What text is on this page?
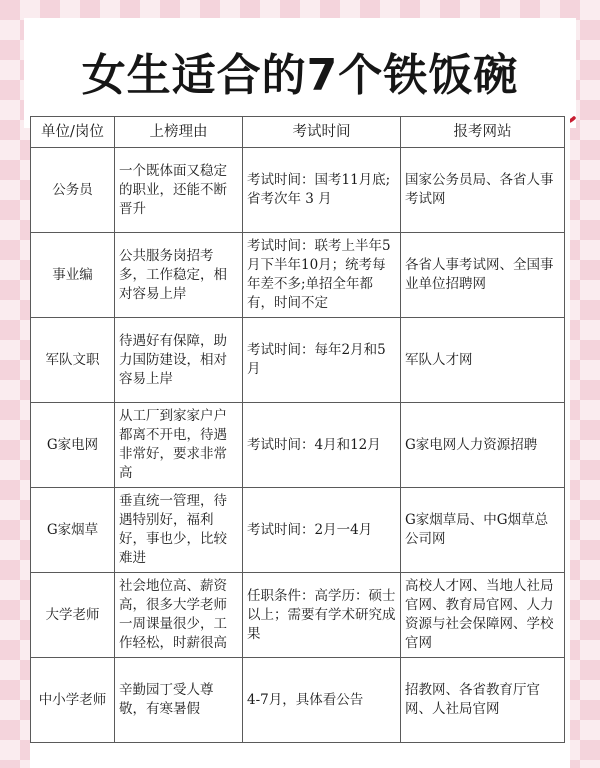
女生适合的7个铁饭碗
单位/岗位	上榜理由	考试时间	报考网站
公务员	一个既体面又稳定的职业，还能不断晋升	考试时间：国考11月底;省考次年 3 月	国家公务员局、各省人事考试网
事业编	公共服务岗招考多，工作稳定，相对容易上岸	考试时间：联考上半年5月下半年10月；统考每年差不多;单招全年都有，时间不定	各省人事考试网、全国事业单位招聘网
军队文职	待遇好有保障，助力国防建设，相对容易上岸	考试时间：每年2月和5月	军队人才网
G家电网	从工厂到家家户户都离不开电，待遇非常好，要求非常高	考试时间：4月和12月	G家电网人力资源招聘
G家烟草	垂直统一管理，待遇特别好，福利好，事也少，比较难进	考试时间：2月一4月	G家烟草局、中G烟草总公司网
大学老师	社会地位高、薪资高，很多大学老师一周课量很少，工作轻松，时薪很高	任职条件：高学历：硕士以上；需要有学术研究成果	高校人才网、当地人社局官网、教育局官网、人力资源与社会保障网、学校官网
中小学老师	辛勤园丁受人尊敬，有寒暑假	4-7月，具体看公告	招教网、各省教育厅官网、人社局官网
